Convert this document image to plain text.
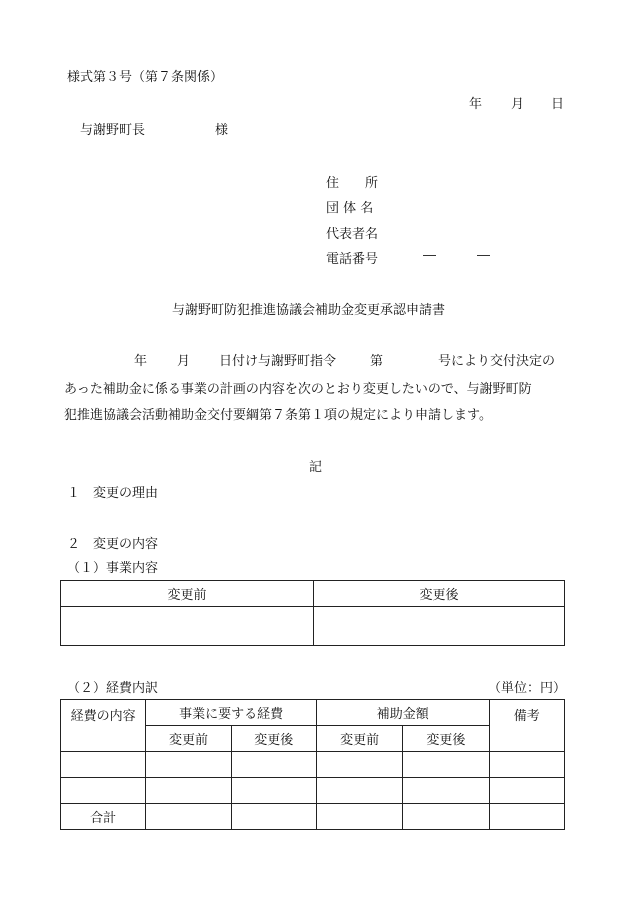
様式第３号（第７条関係）
年 月 日
与謝野町長	様
住　　所
団 体 名
代表者名
電話番号	―	―
与謝野町防犯推進協議会補助金変更承認申請書
年 月 日付け与謝野町指令	第	号により交付決定の
あった補助金に係る事業の計画の内容を次のとおり変更したいので、与謝野町防
犯推進協議会活動補助金交付要綱第７条第１項の規定により申請します。
記
１　変更の理由
２　変更の内容
（１）事業内容
変更前	変更後

（２）経費内訳	（単位：円）
経費の内容	事業に要する経費		補助金額		備考
	変更前	変更後	変更前	変更後	

合計					
